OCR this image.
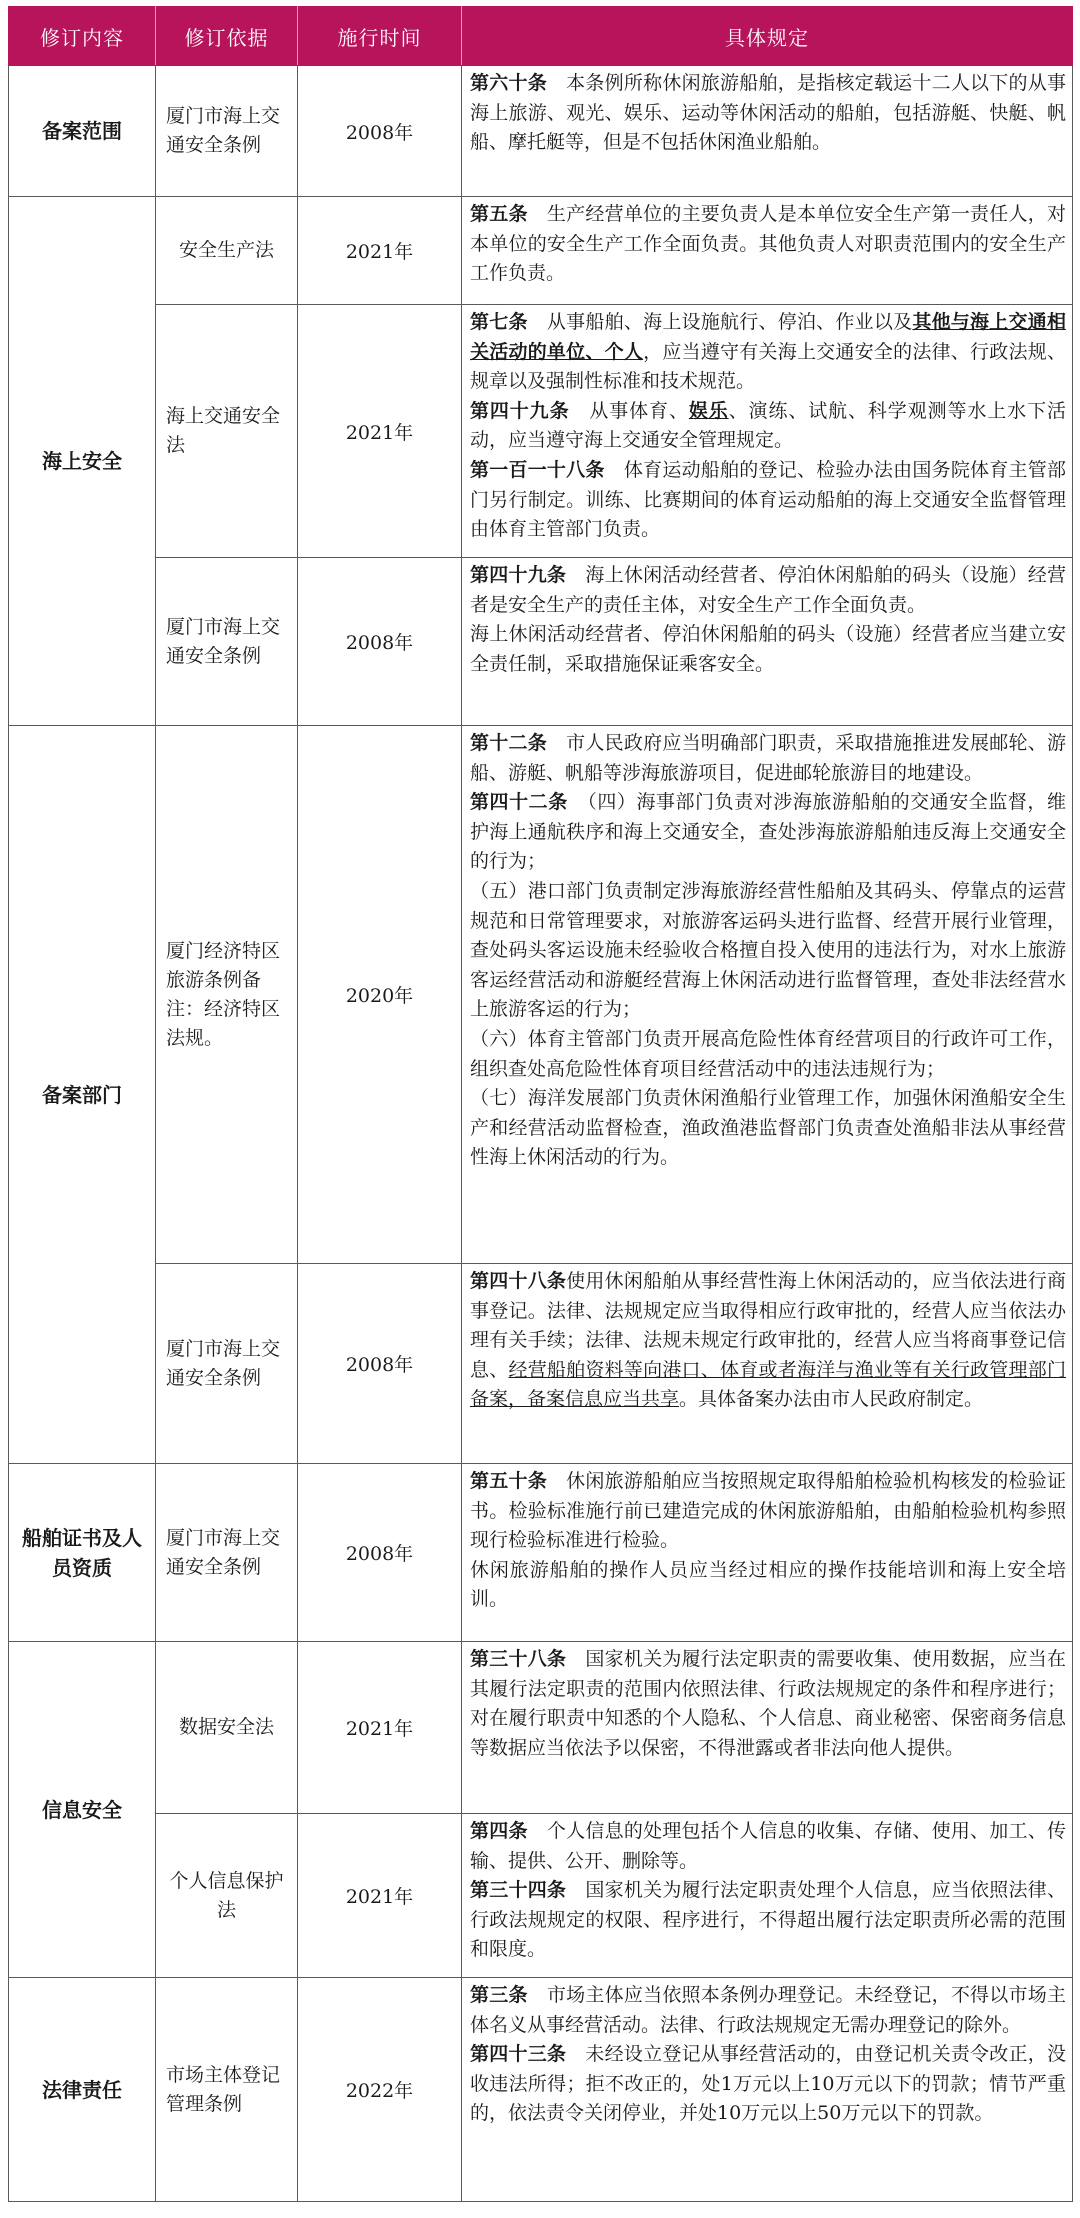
修订内容	修订依据	施行时间	具体规定
备案范围	厦门市海上交通安全条例	2008年	第六十条　本条例所称休闲旅游船舶，是指核定载运十二人以下的从事海上旅游、观光、娱乐、运动等休闲活动的船舶，包括游艇、快艇、帆船、摩托艇等，但是不包括休闲渔业船舶。

海上安全	安全生产法	2021年	第五条　生产经营单位的主要负责人是本单位安全生产第一责任人，对本单位的安全生产工作全面负责。其他负责人对职责范围内的安全生产工作负责。

	海上交通安全法	2021年	第七条　从事船舶、海上设施航行、停泊、作业以及其他与海上交通相关活动的单位、个人，应当遵守有关海上交通安全的法律、行政法规、规章以及强制性标准和技术规范。

第四十九条　从事体育、娱乐、演练、试航、科学观测等水上水下活动，应当遵守海上交通安全管理规定。

第一百一十八条　体育运动船舶的登记、检验办法由国务院体育主管部门另行制定。训练、比赛期间的体育运动船舶的海上交通安全监督管理由体育主管部门负责。

	厦门市海上交通安全条例	2008年	第四十九条　海上休闲活动经营者、停泊休闲船舶的码头（设施）经营者是安全生产的责任主体，对安全生产工作全面负责。

海上休闲活动经营者、停泊休闲船舶的码头（设施）经营者应当建立安全责任制，采取措施保证乘客安全。

备案部门	厦门经济特区旅游条例备注：经济特区法规。	2020年	第十二条　市人民政府应当明确部门职责，采取措施推进发展邮轮、游船、游艇、帆船等涉海旅游项目，促进邮轮旅游目的地建设。

第四十二条　（四）海事部门负责对涉海旅游船舶的交通安全监督，维护海上通航秩序和海上交通安全，查处涉海旅游船舶违反海上交通安全的行为；

（五）港口部门负责制定涉海旅游经营性船舶及其码头、停靠点的运营规范和日常管理要求，对旅游客运码头进行监督、经营开展行业管理，查处码头客运设施未经验收合格擅自投入使用的违法行为，对水上旅游客运经营活动和游艇经营海上休闲活动进行监督管理，查处非法经营水上旅游客运的行为；

（六）体育主管部门负责开展高危险性体育经营项目的行政许可工作，组织查处高危险性体育项目经营活动中的违法违规行为；

（七）海洋发展部门负责休闲渔船行业管理工作，加强休闲渔船安全生产和经营活动监督检查，渔政渔港监督部门负责查处渔船非法从事经营性海上休闲活动的行为。

	厦门市海上交通安全条例	2008年	第四十八条使用休闲船舶从事经营性海上休闲活动的，应当依法进行商事登记。法律、法规规定应当取得相应行政审批的，经营人应当依法办理有关手续；法律、法规未规定行政审批的，经营人应当将商事登记信息、经营船舶资料等向港口、体育或者海洋与渔业等有关行政管理部门备案，备案信息应当共享。具体备案办法由市人民政府制定。

船舶证书及人员资质	厦门市海上交通安全条例	2008年	第五十条　休闲旅游船舶应当按照规定取得船舶检验机构核发的检验证书。检验标准施行前已建造完成的休闲旅游船舶，由船舶检验机构参照现行检验标准进行检验。

休闲旅游船舶的操作人员应当经过相应的操作技能培训和海上安全培训。

信息安全	数据安全法	2021年	第三十八条　国家机关为履行法定职责的需要收集、使用数据，应当在其履行法定职责的范围内依照法律、行政法规规定的条件和程序进行；对在履行职责中知悉的个人隐私、个人信息、商业秘密、保密商务信息等数据应当依法予以保密，不得泄露或者非法向他人提供。

	个人信息保护法	2021年	第四条　个人信息的处理包括个人信息的收集、存储、使用、加工、传输、提供、公开、删除等。

第三十四条　国家机关为履行法定职责处理个人信息，应当依照法律、行政法规规定的权限、程序进行，不得超出履行法定职责所必需的范围和限度。

法律责任	市场主体登记管理条例	2022年	第三条　市场主体应当依照本条例办理登记。未经登记，不得以市场主体名义从事经营活动。法律、行政法规规定无需办理登记的除外。

第四十三条　未经设立登记从事经营活动的，由登记机关责令改正，没收违法所得；拒不改正的，处1万元以上10万元以下的罚款；情节严重的，依法责令关闭停业，并处10万元以上50万元以下的罚款。
